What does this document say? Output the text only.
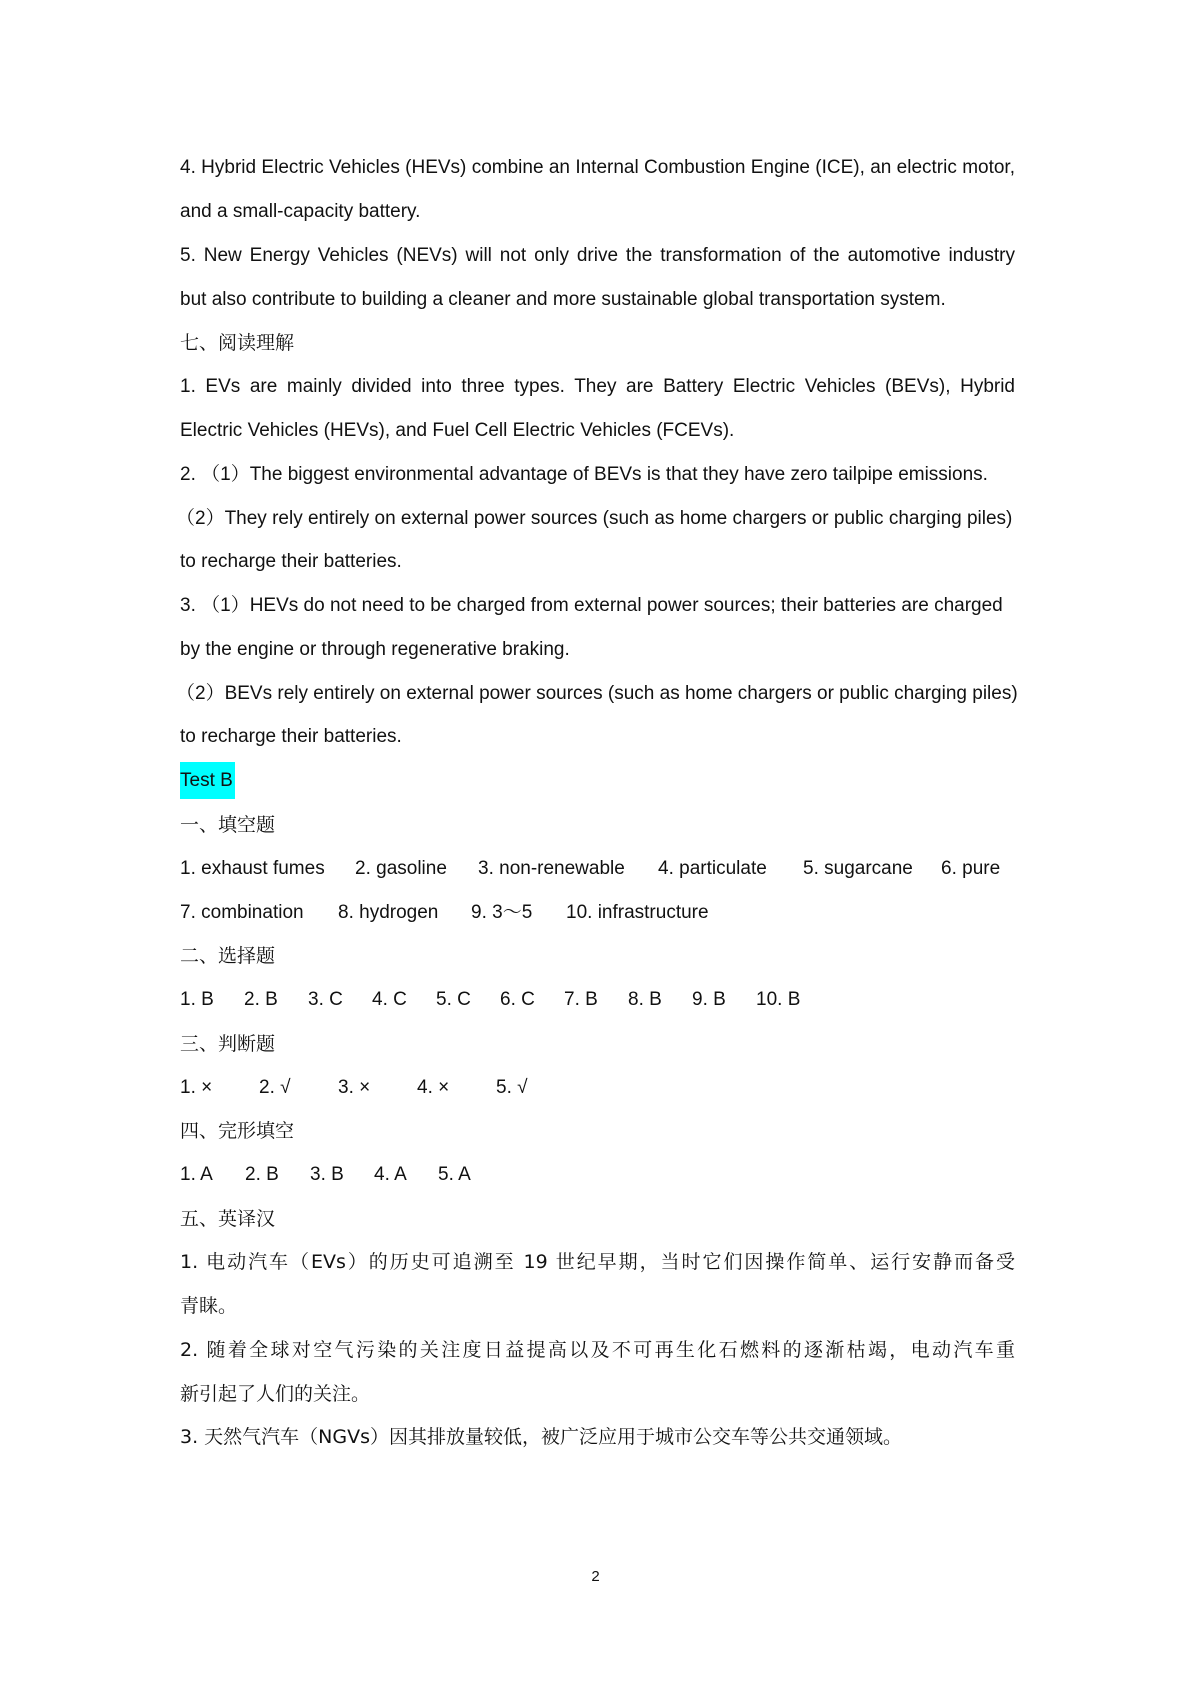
4. Hybrid Electric Vehicles (HEVs) combine an Internal Combustion Engine (ICE), an electric motor,
and a small-capacity battery.
5. New Energy Vehicles (NEVs) will not only drive the transformation of the automotive industry
but also contribute to building a cleaner and more sustainable global transportation system.
七、阅读理解
1. EVs are mainly divided into three types. They are Battery Electric Vehicles (BEVs), Hybrid
Electric Vehicles (HEVs), and Fuel Cell Electric Vehicles (FCEVs).
2. （1）The biggest environmental advantage of BEVs is that they have zero tailpipe emissions.
（2）They rely entirely on external power sources (such as home chargers or public charging piles)
to recharge their batteries.
3. （1）HEVs do not need to be charged from external power sources; their batteries are charged
by the engine or through regenerative braking.
（2）BEVs rely entirely on external power sources (such as home chargers or public charging piles)
to recharge their batteries.
Test B
一、填空题
1. exhaust fumes	2. gasoline	3. non-renewable	4. particulate	5. sugarcane	6. pure
7. combination	8. hydrogen	9. 3～5	10. infrastructure
二、选择题
1. B	2. B	3. C	4. C	5. C	6. C	7. B	8. B	9. B	10. B
三、判断题
1. ×	2. √	3. ×	4. ×	5. √
四、完形填空
1. A	2. B	3. B	4. A	5. A
五、英译汉
1. 电动汽车（EVs）的历史可追溯至 19 世纪早期，当时它们因操作简单、运行安静而备受
青睐。
2. 随着全球对空气污染的关注度日益提高以及不可再生化石燃料的逐渐枯竭，电动汽车重
新引起了人们的关注。
3. 天然气汽车（NGVs）因其排放量较低，被广泛应用于城市公交车等公共交通领域。
2
